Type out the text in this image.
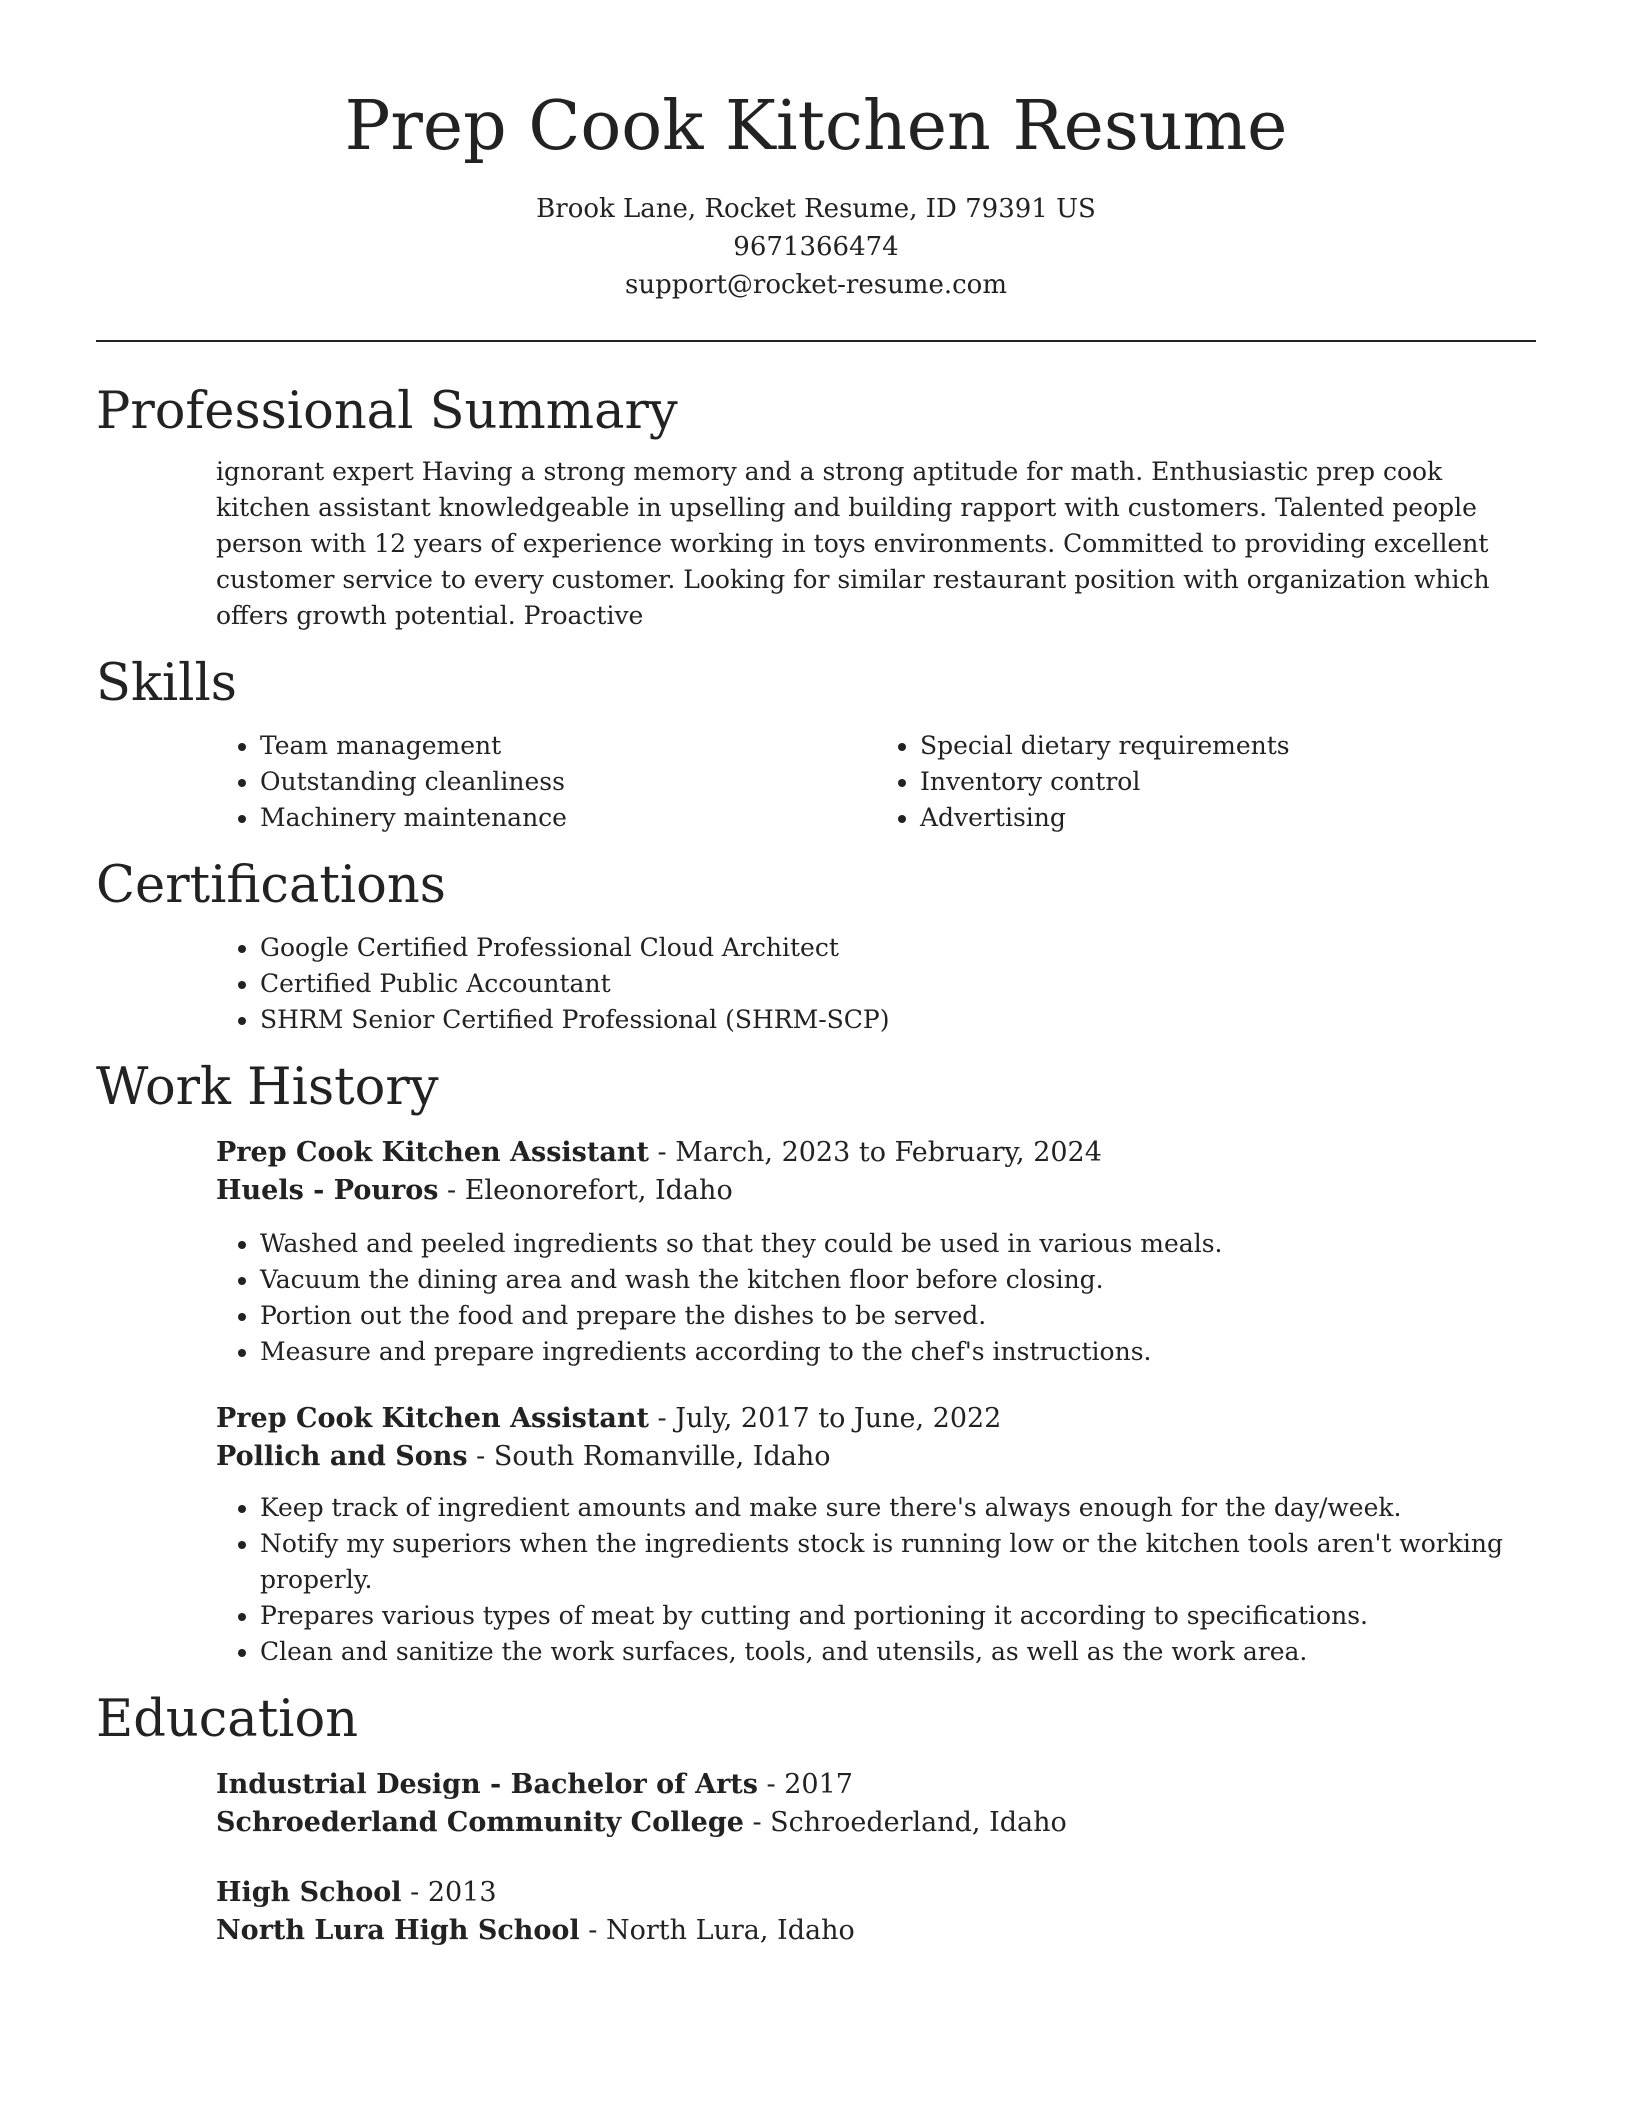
Prep Cook Kitchen Resume
Brook Lane, Rocket Resume, ID 79391 US
9671366474
support@rocket-resume.com
Professional Summary

ignorant expert Having a strong memory and a strong aptitude for math. Enthusiastic prep cook kitchen assistant knowledgeable in upselling and building rapport with customers. Talented people person with 12 years of experience working in toys environments. Committed to providing excellent customer service to every customer. Looking for similar restaurant position with organization which offers growth potential. Proactive

Skills
• Team management
• Outstanding cleanliness
• Machinery maintenance
• Special dietary requirements
• Inventory control
• Advertising
Certifications
• Google Certified Professional Cloud Architect
• Certified Public Accountant
• SHRM Senior Certified Professional (SHRM-SCP)
Work History
Prep Cook Kitchen Assistant - March, 2023 to February, 2024
Huels - Pouros - Eleonorefort, Idaho
• Washed and peeled ingredients so that they could be used in various meals.
• Vacuum the dining area and wash the kitchen floor before closing.
• Portion out the food and prepare the dishes to be served.
• Measure and prepare ingredients according to the chef's instructions.
Prep Cook Kitchen Assistant - July, 2017 to June, 2022
Pollich and Sons - South Romanville, Idaho
• Keep track of ingredient amounts and make sure there's always enough for the day/week.
• Notify my superiors when the ingredients stock is running low or the kitchen tools aren't working properly.
• Prepares various types of meat by cutting and portioning it according to specifications.
• Clean and sanitize the work surfaces, tools, and utensils, as well as the work area.
Education
Industrial Design - Bachelor of Arts - 2017
Schroederland Community College - Schroederland, Idaho
High School - 2013
North Lura High School - North Lura, Idaho
